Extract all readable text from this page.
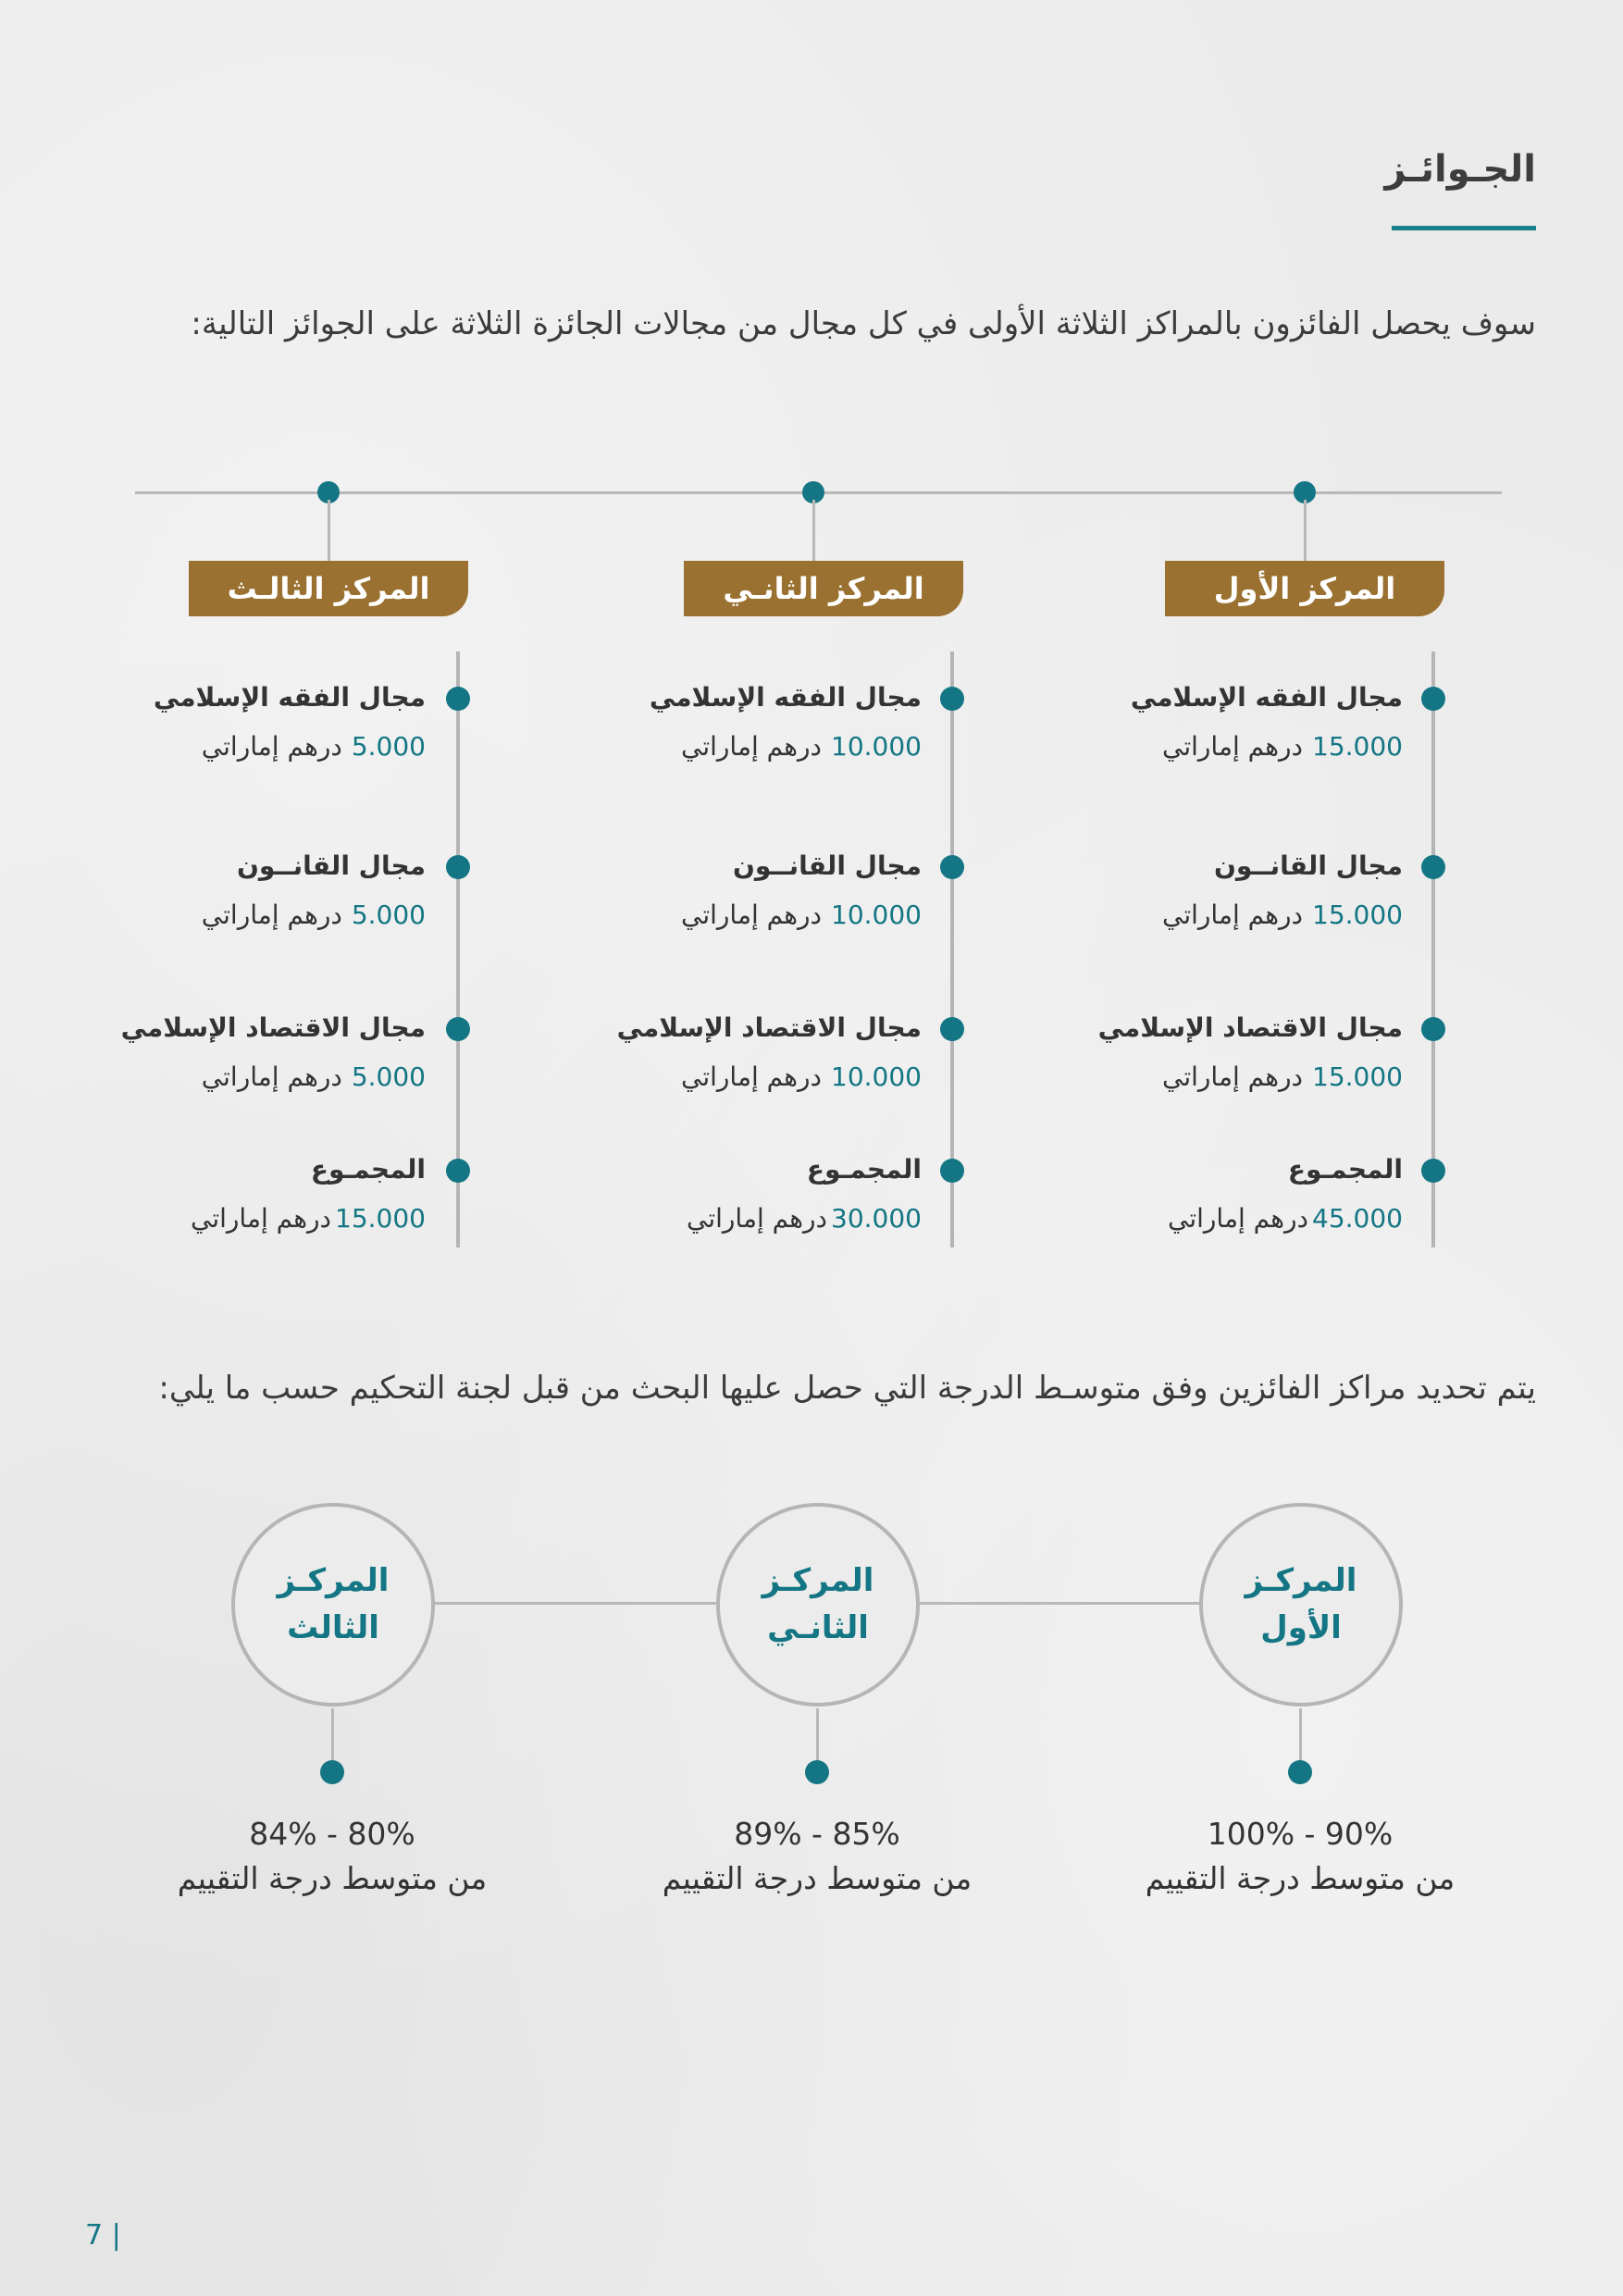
الجـوائـز
سوف يحصل الفائزون بالمراكز الثلاثة الأولى في كل مجال من مجالات الجائزة الثلاثة على الجوائز التالية:
المركز الأول
المركز الثانـي
المركز الثالـث
مجال الفقه الإسلامي
15.000درهم إماراتي
مجال القانــون
15.000درهم إماراتي
مجال الاقتصاد الإسلامي
15.000درهم إماراتي
المجمـوع
45.000درهم إماراتي
مجال الفقه الإسلامي
10.000درهم إماراتي
مجال القانــون
10.000درهم إماراتي
مجال الاقتصاد الإسلامي
10.000درهم إماراتي
المجمـوع
30.000درهم إماراتي
مجال الفقه الإسلامي
5.000درهم إماراتي
مجال القانــون
5.000درهم إماراتي
مجال الاقتصاد الإسلامي
5.000درهم إماراتي
المجمـوع
15.000درهم إماراتي
يتم تحديد مراكز الفائزين وفق متوسـط الدرجة التي حصل عليها البحث من قبل لجنة التحكيم حسب ما يلي:
المركـز
الأول
المركـز
الثانـي
المركـز
الثالث
100% - 90%
من متوسط درجة التقييم
89% - 85%
من متوسط درجة التقييم
84% - 80%
من متوسط درجة التقييم
7 |
